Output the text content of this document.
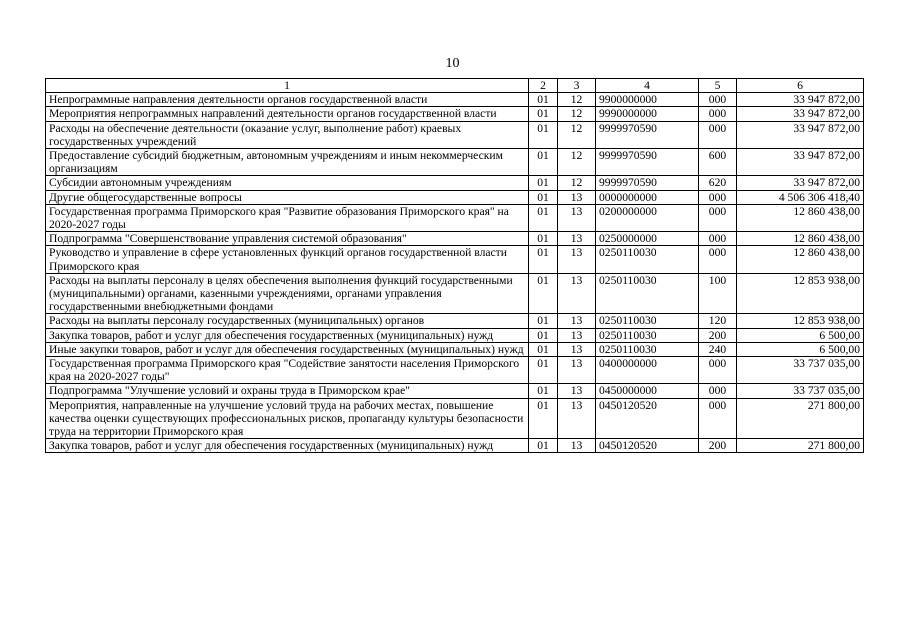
10
1	2	3	4	5	6
Непрограммные направления деятельности органов государственной власти	01	12	9900000000	000	33 947 872,00
Мероприятия непрограммных направлений деятельности органов государственной власти	01	12	9990000000	000	33 947 872,00
Расходы на обеспечение деятельности (оказание услуг, выполнение работ) краевых государственных учреждений	01	12	9999970590	000	33 947 872,00
Предоставление субсидий бюджетным, автономным учреждениям и иным некоммерческим организациям	01	12	9999970590	600	33 947 872,00
Субсидии автономным учреждениям	01	12	9999970590	620	33 947 872,00
Другие общегосударственные вопросы	01	13	0000000000	000	4 506 306 418,40
Государственная программа Приморского края "Развитие образования Приморского края" на 2020-2027 годы	01	13	0200000000	000	12 860 438,00
Подпрограмма "Совершенствование управления системой образования"	01	13	0250000000	000	12 860 438,00
Руководство и управление в сфере установленных функций органов государственной власти Приморского края	01	13	0250110030	000	12 860 438,00
Расходы на выплаты персоналу в целях обеспечения выполнения функций государственными (муниципальными) органами, казенными учреждениями, органами управления государственными внебюджетными фондами	01	13	0250110030	100	12 853 938,00
Расходы на выплаты персоналу государственных (муниципальных) органов	01	13	0250110030	120	12 853 938,00
Закупка товаров, работ и услуг для обеспечения государственных (муниципальных) нужд	01	13	0250110030	200	6 500,00
Иные закупки товаров, работ и услуг для обеспечения государственных (муниципальных) нужд	01	13	0250110030	240	6 500,00
Государственная программа Приморского края "Содействие занятости населения Приморского края на 2020-2027 годы"	01	13	0400000000	000	33 737 035,00
Подпрограмма "Улучшение условий и охраны труда в Приморском крае"	01	13	0450000000	000	33 737 035,00
Мероприятия, направленные на улучшение условий труда на рабочих местах, повышение качества оценки существующих профессиональных рисков, пропаганду культуры безопасности труда на территории Приморского края	01	13	0450120520	000	271 800,00
Закупка товаров, работ и услуг для обеспечения государственных (муниципальных) нужд	01	13	0450120520	200	271 800,00
